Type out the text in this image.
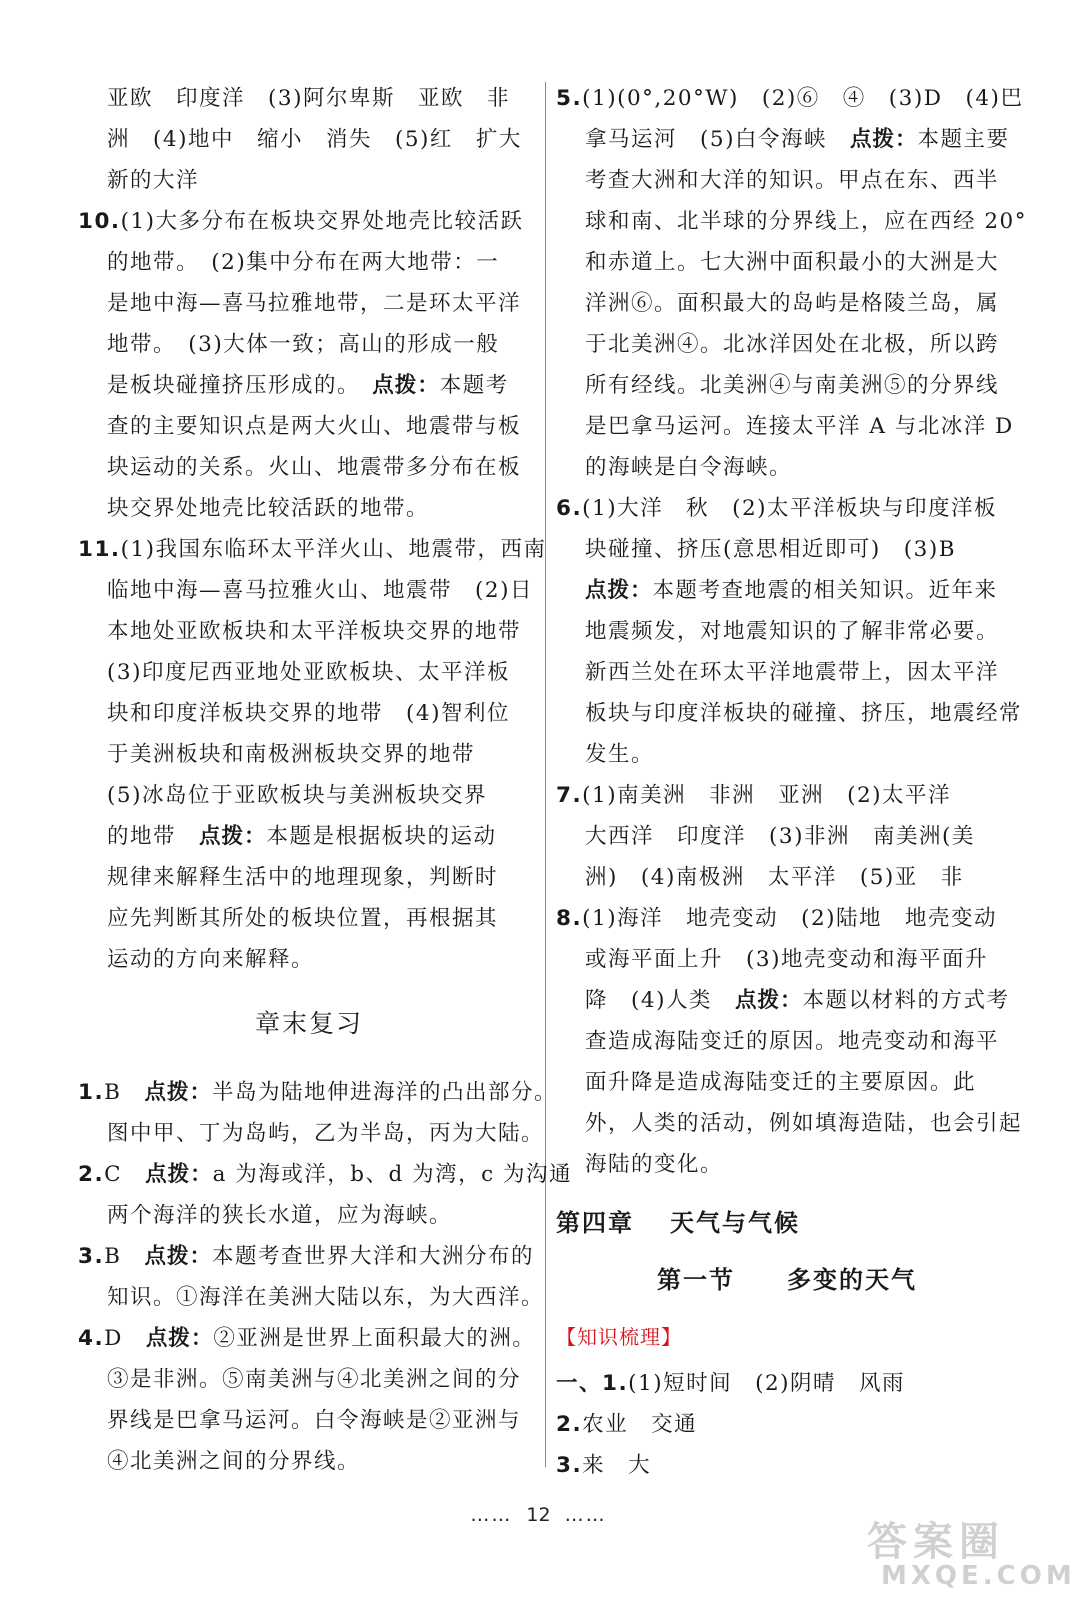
亚欧　印度洋　(3)阿尔卑斯　亚欧　非
洲　(4)地中　缩小　消失　(5)红　扩大
新的大洋
10.(1)大多分布在板块交界处地壳比较活跃
的地带。　(2)集中分布在两大地带：一
是地中海—喜马拉雅地带，二是环太平洋
地带。　(3)大体一致；高山的形成一般
是板块碰撞挤压形成的。　 点拨：本题考
查的主要知识点是两大火山、地震带与板
块运动的关系。火山、地震带多分布在板
块交界处地壳比较活跃的地带。
11.(1)我国东临环太平洋火山、地震带，西南
临地中海—喜马拉雅火山、地震带　(2)日
本地处亚欧板块和太平洋板块交界的地带
(3)印度尼西亚地处亚欧板块、太平洋板
块和印度洋板块交界的地带　(4)智利位
于美洲板块和南极洲板块交界的地带
(5)冰岛位于亚欧板块与美洲板块交界
的地带　 点拨：本题是根据板块的运动
规律来解释生活中的地理现象，判断时
应先判断其所处的板块位置，再根据其
运动的方向来解释。
章末复习
1.B　 点拨：半岛为陆地伸进海洋的凸出部分。
图中甲、丁为岛屿，乙为半岛，丙为大陆。
2.C　 点拨：a 为海或洋，b、d 为湾，c 为沟通
两个海洋的狭长水道，应为海峡。
3.B　 点拨：本题考查世界大洋和大洲分布的
知识。①海洋在美洲大陆以东，为大西洋。
4.D　 点拨：②亚洲是世界上面积最大的洲。
③是非洲。⑤南美洲与④北美洲之间的分
界线是巴拿马运河。白令海峡是②亚洲与
④北美洲之间的分界线。
5.(1)(0°,20°W)　(2)⑥　④　(3)D　(4)巴
拿马运河　(5)白令海峡　 点拨：本题主要
考查大洲和大洋的知识。甲点在东、西半
球和南、北半球的分界线上，应在西经 20°
和赤道上。七大洲中面积最小的大洲是大
洋洲⑥。面积最大的岛屿是格陵兰岛，属
于北美洲④。北冰洋因处在北极，所以跨
所有经线。北美洲④与南美洲⑤的分界线
是巴拿马运河。连接太平洋 A 与北冰洋 D
的海峡是白令海峡。
6.(1)大洋　秋　(2)太平洋板块与印度洋板
块碰撞、挤压(意思相近即可)　(3)B
点拨：本题考查地震的相关知识。近年来
地震频发，对地震知识的了解非常必要。
新西兰处在环太平洋地震带上，因太平洋
板块与印度洋板块的碰撞、挤压，地震经常
发生。
7.(1)南美洲　非洲　亚洲　(2)太平洋
大西洋　印度洋　(3)非洲　南美洲(美
洲)　(4)南极洲　太平洋　(5)亚　非
8.(1)海洋　地壳变动　(2)陆地　地壳变动
或海平面上升　(3)地壳变动和海平面升
降　(4)人类　 点拨：本题以材料的方式考
查造成海陆变迁的原因。地壳变动和海平
面升降是造成海陆变迁的主要原因。此
外，人类的活动，例如填海造陆，也会引起
海陆的变化。
第四章 天气与气候
第一节　　 多变的天气
【知识梳理】
一、1.(1)短时间　(2)阴晴　风雨
2.农业　交通
3.来　大
…… 12 ……
答案圈
MXQE.COM
